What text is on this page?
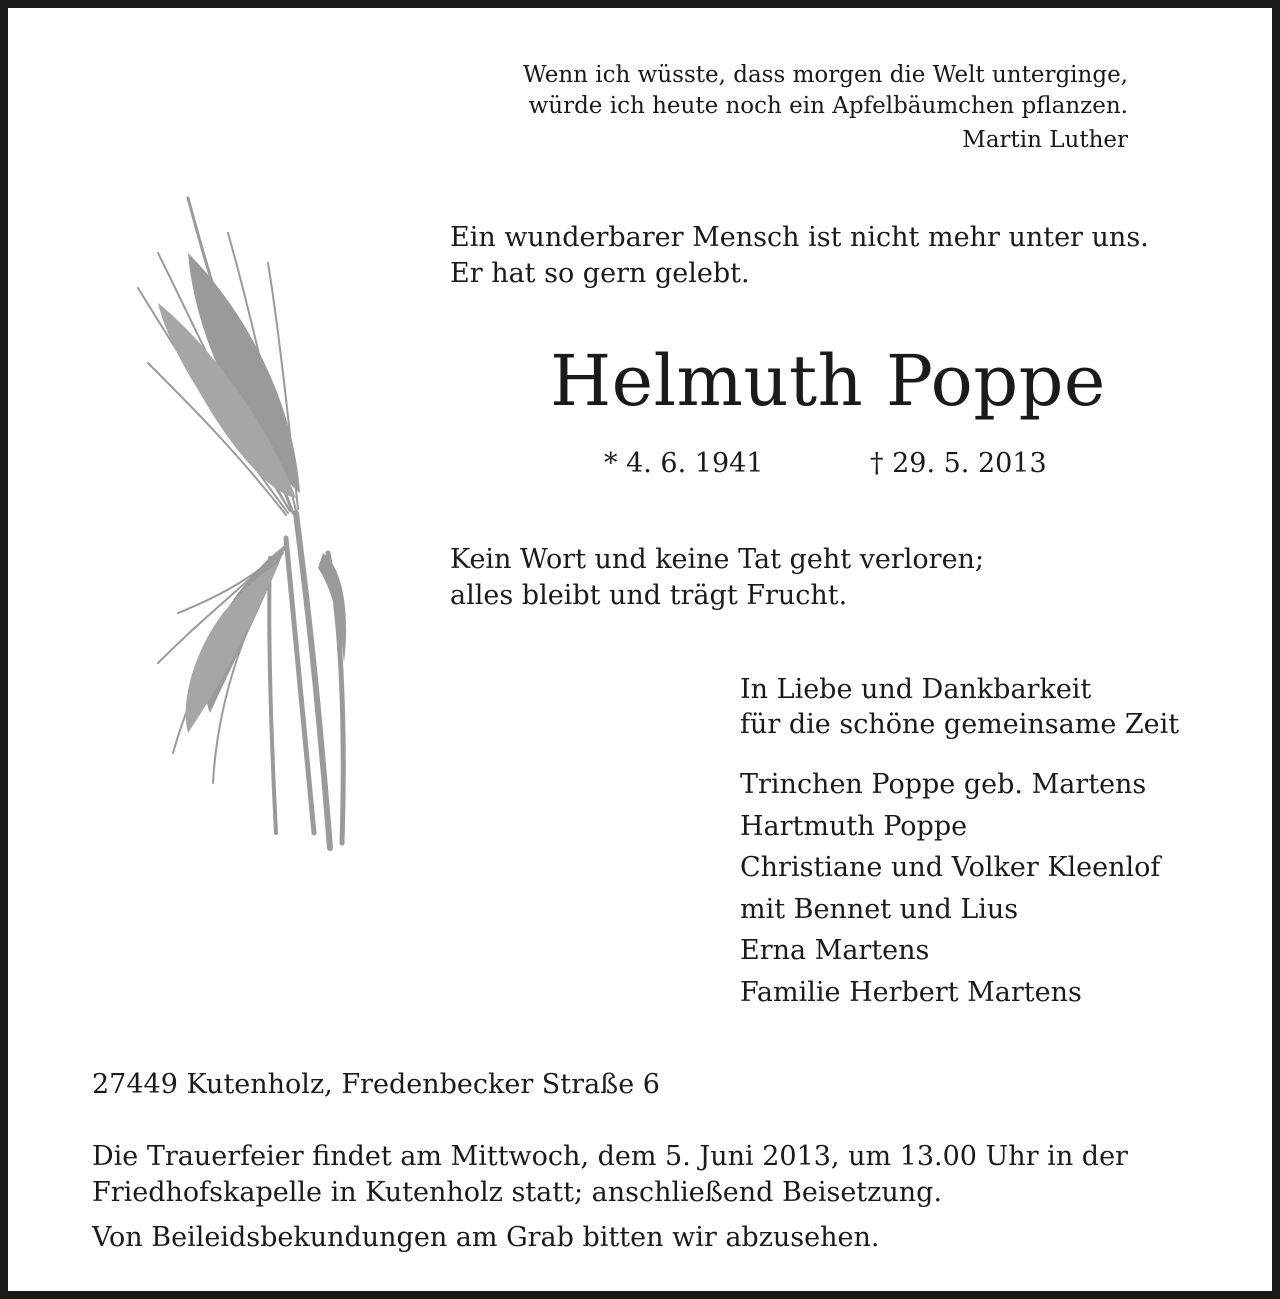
Wenn ich wüsste, dass morgen die Welt unterginge,
würde ich heute noch ein Apfelbäumchen pflanzen.
Martin Luther
Ein wunderbarer Mensch ist nicht mehr unter uns.
Er hat so gern gelebt.
Helmuth Poppe
* 4. 6. 1941	† 29. 5. 2013
Kein Wort und keine Tat geht verloren;
alles bleibt und trägt Frucht.
In Liebe und Dankbarkeit
für die schöne gemeinsame Zeit
Trinchen Poppe geb. Martens
Hartmuth Poppe
Christiane und Volker Kleenlof
mit Bennet und Lius
Erna Martens
Familie Herbert Martens
27449 Kutenholz, Fredenbecker Straße 6
Die Trauerfeier findet am Mittwoch, dem 5. Juni 2013, um 13.00 Uhr in der
Friedhofskapelle in Kutenholz statt; anschließend Beisetzung.
Von Beileidsbekundungen am Grab bitten wir abzusehen.
